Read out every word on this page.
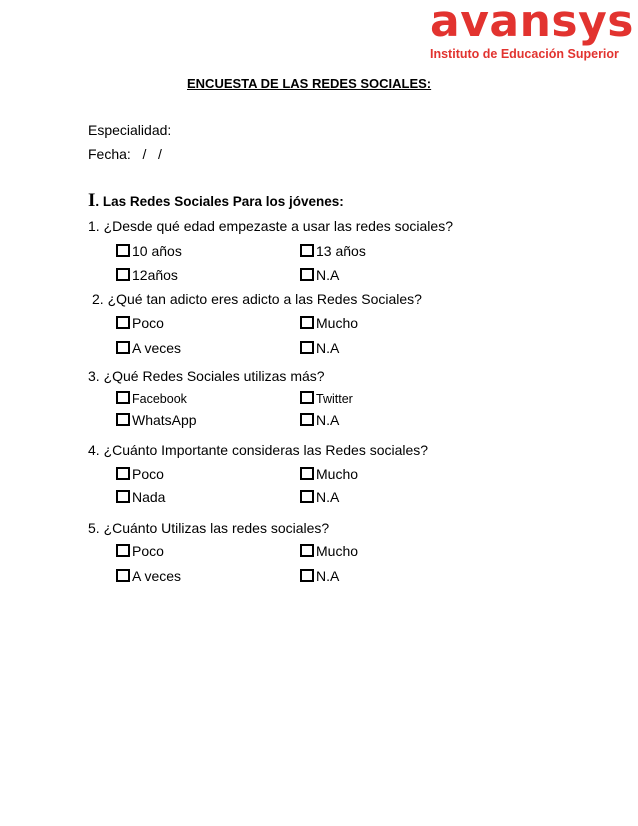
avansys
Instituto de Educación Superior
ENCUESTA DE LAS REDES SOCIALES:
Especialidad:
Fecha:   /   /
I. Las Redes Sociales Para los jóvenes:
1. ¿Desde qué edad empezaste a usar las redes sociales?
10 años	13 años
12años	N.A
2. ¿Qué tan adicto eres adicto a las Redes Sociales?
Poco	Mucho
A veces	N.A
3. ¿Qué Redes Sociales utilizas más?
Facebook	Twitter
WhatsApp	N.A
4. ¿Cuánto Importante consideras las Redes sociales?
Poco	Mucho
Nada	N.A
5. ¿Cuánto Utilizas las redes sociales?
Poco	Mucho
A veces	N.A
